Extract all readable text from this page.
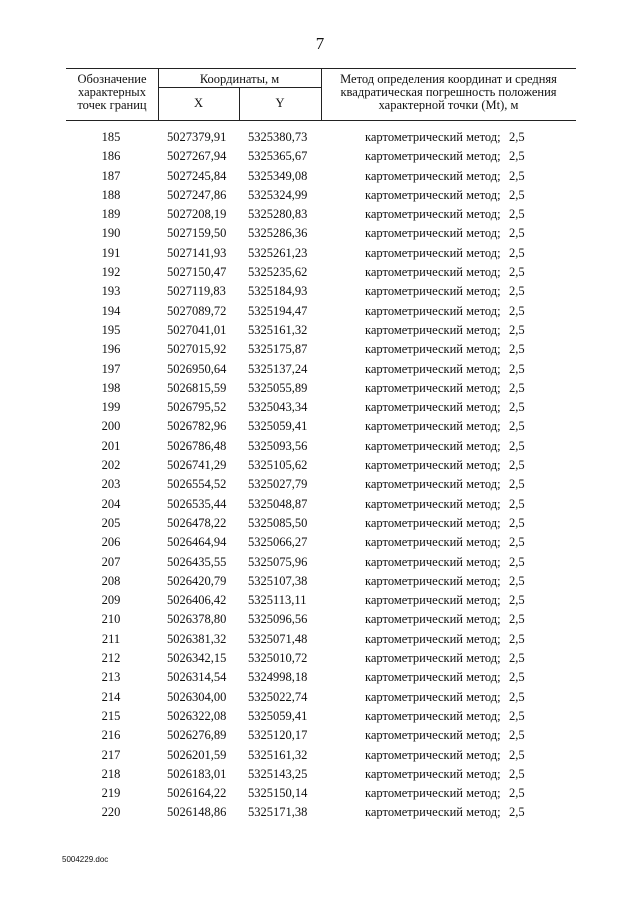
7
Обозначение
характерных
точек границ
Координаты, м
X	Y
Метод определения координат и средняя
квадратическая погрешность положения
характерной точки (Mt), м
185	5027379,91 5325380,73	картометрический метод; 2,5
186	5027267,94 5325365,67	картометрический метод; 2,5
187	5027245,84 5325349,08	картометрический метод; 2,5
188	5027247,86 5325324,99	картометрический метод; 2,5
189	5027208,19 5325280,83	картометрический метод; 2,5
190	5027159,50 5325286,36	картометрический метод; 2,5
191	5027141,93 5325261,23	картометрический метод; 2,5
192	5027150,47 5325235,62	картометрический метод; 2,5
193	5027119,83 5325184,93	картометрический метод; 2,5
194	5027089,72 5325194,47	картометрический метод; 2,5
195	5027041,01 5325161,32	картометрический метод; 2,5
196	5027015,92 5325175,87	картометрический метод; 2,5
197	5026950,64 5325137,24	картометрический метод; 2,5
198	5026815,59 5325055,89	картометрический метод; 2,5
199	5026795,52 5325043,34	картометрический метод; 2,5
200	5026782,96 5325059,41	картометрический метод; 2,5
201	5026786,48 5325093,56	картометрический метод; 2,5
202	5026741,29 5325105,62	картометрический метод; 2,5
203	5026554,52 5325027,79	картометрический метод; 2,5
204	5026535,44 5325048,87	картометрический метод; 2,5
205	5026478,22 5325085,50	картометрический метод; 2,5
206	5026464,94 5325066,27	картометрический метод; 2,5
207	5026435,55 5325075,96	картометрический метод; 2,5
208	5026420,79 5325107,38	картометрический метод; 2,5
209	5026406,42 5325113,11	картометрический метод; 2,5
210	5026378,80 5325096,56	картометрический метод; 2,5
211	5026381,32 5325071,48	картометрический метод; 2,5
212	5026342,15 5325010,72	картометрический метод; 2,5
213	5026314,54 5324998,18	картометрический метод; 2,5
214	5026304,00 5325022,74	картометрический метод; 2,5
215	5026322,08 5325059,41	картометрический метод; 2,5
216	5026276,89 5325120,17	картометрический метод; 2,5
217	5026201,59 5325161,32	картометрический метод; 2,5
218	5026183,01 5325143,25	картометрический метод; 2,5
219	5026164,22 5325150,14	картометрический метод; 2,5
220	5026148,86 5325171,38	картометрический метод; 2,5
5004229.doc
